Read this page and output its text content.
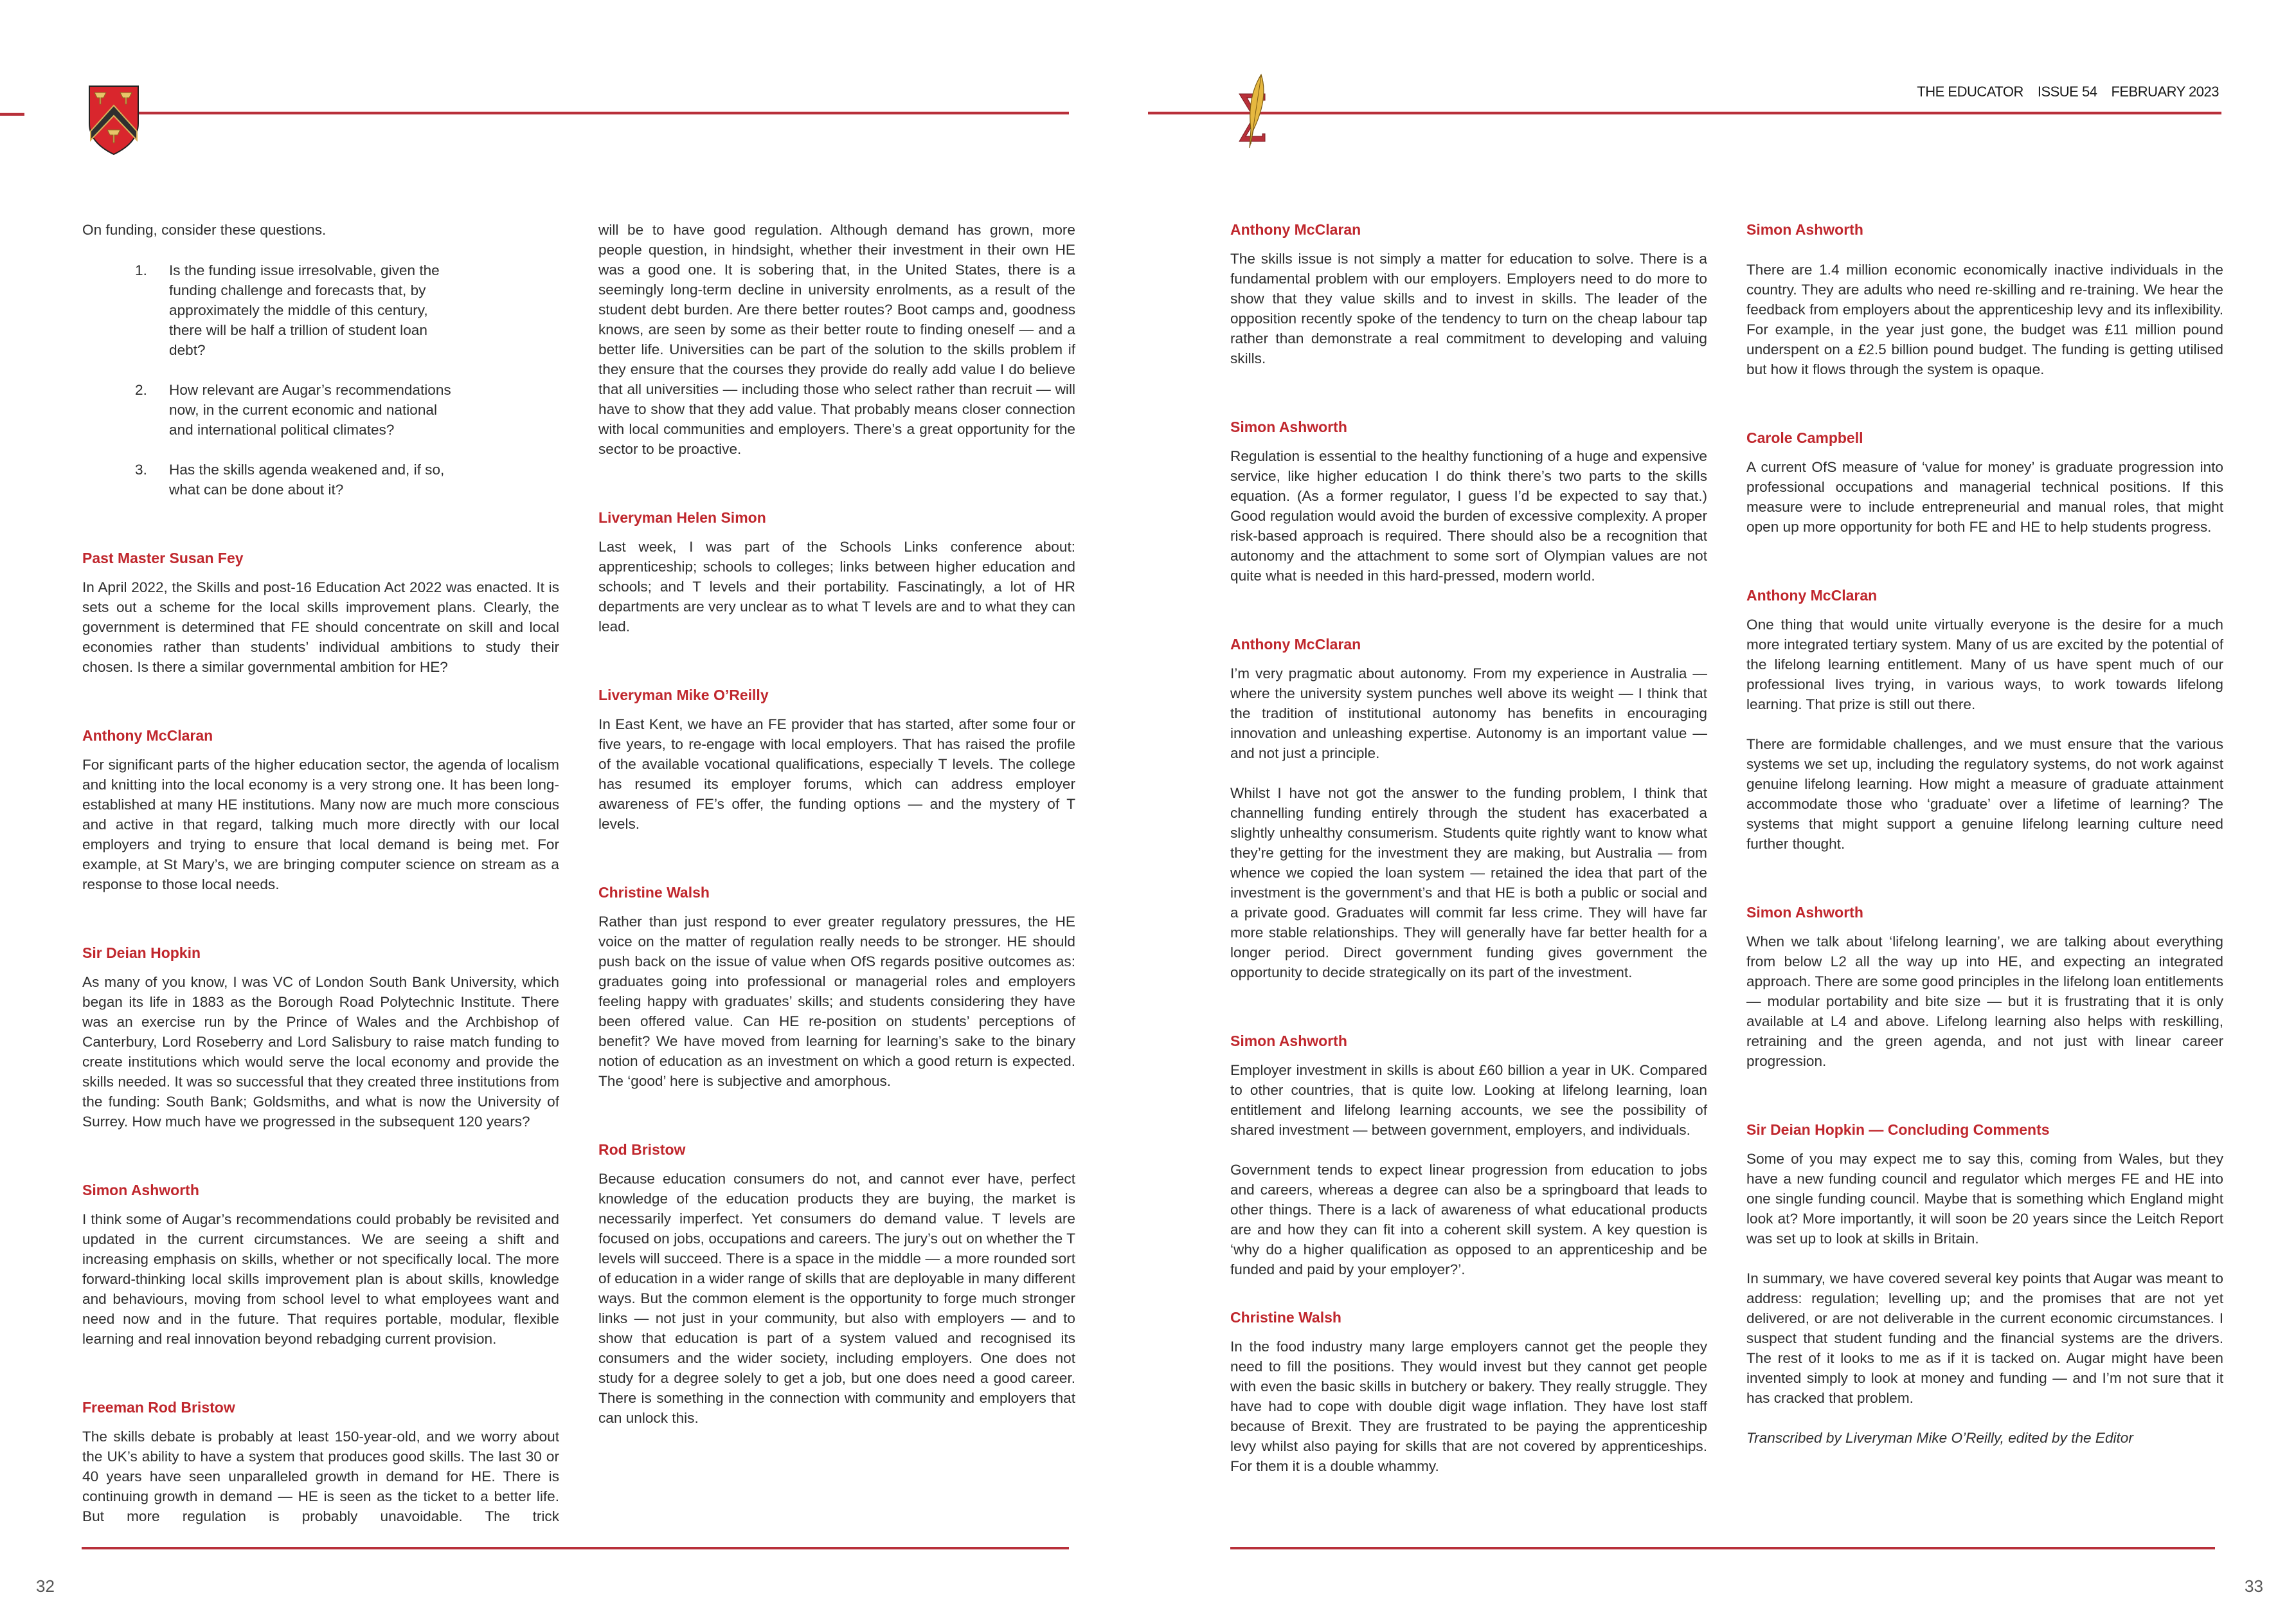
On funding, consider these questions.

1. Is the funding issue irresolvable, given the funding challenge and forecasts that, by approximately the middle of this century, there will be half a trillion of student loan debt?
2. How relevant are Augar’s recommendations now, in the current economic and national and international political climates?
3. Has the skills agenda weakened and, if so, what can be done about it?
Past Master Susan Fey

In April 2022, the Skills and post-16 Education Act 2022 was enacted. It is sets out a scheme for the local skills improvement plans. Clearly, the government is determined that FE should concentrate on skill and local economies rather than students’ individual ambitions to study their chosen. Is there a similar governmental ambition for HE?

Anthony McClaran

For significant parts of the higher education sector, the agenda of localism and knitting into the local economy is a very strong one. It has been long-established at many HE institutions. Many now are much more conscious and active in that regard, talking much more directly with our local employers and trying to ensure that local demand is being met. For example, at St Mary’s, we are bringing computer science on stream as a response to those local needs.

Sir Deian Hopkin

As many of you know, I was VC of London South Bank University, which began its life in 1883 as the Borough Road Polytechnic Institute. There was an exercise run by the Prince of Wales and the Archbishop of Canterbury, Lord Roseberry and Lord Salisbury to raise match funding to create institutions which would serve the local economy and provide the skills needed. It was so successful that they created three institutions from the funding: South Bank; Goldsmiths, and what is now the University of Surrey. How much have we progressed in the subsequent 120 years?

Simon Ashworth

I think some of Augar’s recommendations could probably be revisited and updated in the current circumstances. We are seeing a shift and increasing emphasis on skills, whether or not specifically local. The more forward-thinking local skills improvement plan is about skills, knowledge and behaviours, moving from school level to what employees want and need now and in the future. That requires portable, modular, flexible learning and real innovation beyond rebadging current provision.

Freeman Rod Bristow

The skills debate is probably at least 150-year-old, and we worry about the UK’s ability to have a system that produces good skills. The last 30 or 40 years have seen unparalleled growth in demand for HE. There is continuing growth in demand — HE is seen as the ticket to a better life. But more regulation is probably unavoidable. The trick

will be to have good regulation. Although demand has grown, more people question, in hindsight, whether their investment in their own HE was a good one. It is sobering that, in the United States, there is a seemingly long-term decline in university enrolments, as a result of the student debt burden. Are there better routes? Boot camps and, goodness knows, are seen by some as their better route to finding oneself — and a better life. Universities can be part of the solution to the skills problem if they ensure that the courses they provide do really add value I do believe that all universities — including those who select rather than recruit — will have to show that they add value. That probably means closer connection with local communities and employers. There’s a great opportunity for the sector to be proactive.

Liveryman Helen Simon

Last week, I was part of the Schools Links conference about: apprenticeship; schools to colleges; links between higher education and schools; and T levels and their portability. Fascinatingly, a lot of HR departments are very unclear as to what T levels are and to what they can lead.

Liveryman Mike O’Reilly

In East Kent, we have an FE provider that has started, after some four or five years, to re-engage with local employers. That has raised the profile of the available vocational qualifications, especially T levels. The college has resumed its employer forums, which can address employer awareness of FE’s offer, the funding options — and the mystery of T levels.

Christine Walsh

Rather than just respond to ever greater regulatory pressures, the HE voice on the matter of regulation really needs to be stronger. HE should push back on the issue of value when OfS regards positive outcomes as: graduates going into professional or managerial roles and employers feeling happy with graduates’ skills; and students considering they have been offered value. Can HE re-position on students’ perceptions of benefit? We have moved from learning for learning’s sake to the binary notion of education as an investment on which a good return is expected. The ‘good’ here is subjective and amorphous.

Rod Bristow

Because education consumers do not, and cannot ever have, perfect knowledge of the education products they are buying, the market is necessarily imperfect. Yet consumers do demand value. T levels are focused on jobs, occupations and careers. The jury’s out on whether the T levels will succeed. There is a space in the middle — a more rounded sort of education in a wider range of skills that are deployable in many different ways. But the common element is the opportunity to forge much stronger links — not just in your community, but also with employers — and to show that education is part of a system valued and recognised its consumers and the wider society, including employers. One does not study for a degree solely to get a job, but one does need a good career. There is something in the connection with community and employers that can unlock this.

32
THE EDUCATOR ISSUE 54 FEBRUARY 2023
Anthony McClaran

The skills issue is not simply a matter for education to solve. There is a fundamental problem with our employers. Employers need to do more to show that they value skills and to invest in skills. The leader of the opposition recently spoke of the tendency to turn on the cheap labour tap rather than demonstrate a real commitment to developing and valuing skills.

Simon Ashworth

Regulation is essential to the healthy functioning of a huge and expensive service, like higher education I do think there’s two parts to the skills equation. (As a former regulator, I guess I’d be expected to say that.) Good regulation would avoid the burden of excessive complexity. A proper risk-based approach is required. There should also be a recognition that autonomy and the attachment to some sort of Olympian values are not quite what is needed in this hard-pressed, modern world.

Anthony McClaran

I’m very pragmatic about autonomy. From my experience in Australia — where the university system punches well above its weight — I think that the tradition of institutional autonomy has benefits in encouraging innovation and unleashing expertise. Autonomy is an important value — and not just a principle.

Whilst I have not got the answer to the funding problem, I think that channelling funding entirely through the student has exacerbated a slightly unhealthy consumerism. Students quite rightly want to know what they’re getting for the investment they are making, but Australia — from whence we copied the loan system — retained the idea that part of the investment is the government’s and that HE is both a public or social and a private good. Graduates will commit far less crime. They will have far more stable relationships. They will generally have far better health for a longer period. Direct government funding gives government the opportunity to decide strategically on its part of the investment.

Simon Ashworth

Employer investment in skills is about £60 billion a year in UK. Compared to other countries, that is quite low. Looking at lifelong learning, loan entitlement and lifelong learning accounts, we see the possibility of shared investment — between government, employers, and individuals.

Government tends to expect linear progression from education to jobs and careers, whereas a degree can also be a springboard that leads to other things. There is a lack of awareness of what educational products are and how they can fit into a coherent skill system. A key question is ‘why do a higher qualification as opposed to an apprenticeship and be funded and paid by your employer?’.

Christine Walsh

In the food industry many large employers cannot get the people they need to fill the positions. They would invest but they cannot get people with even the basic skills in butchery or bakery. They really struggle. They have had to cope with double digit wage inflation. They have lost staff because of Brexit. They are frustrated to be paying the apprenticeship levy whilst also paying for skills that are not covered by apprenticeships. For them it is a double whammy.

Simon Ashworth

There are 1.4 million economic economically inactive individuals in the country. They are adults who need re-skilling and re-training. We hear the feedback from employers about the apprenticeship levy and its inflexibility. For example, in the year just gone, the budget was £11 million pound underspent on a £2.5 billion pound budget. The funding is getting utilised but how it flows through the system is opaque.

Carole Campbell

A current OfS measure of ‘value for money’ is graduate progression into professional occupations and managerial technical positions. If this measure were to include entrepreneurial and manual roles, that might open up more opportunity for both FE and HE to help students progress.

Anthony McClaran

One thing that would unite virtually everyone is the desire for a much more integrated tertiary system. Many of us are excited by the potential of the lifelong learning entitlement. Many of us have spent much of our professional lives trying, in various ways, to work towards lifelong learning. That prize is still out there.

There are formidable challenges, and we must ensure that the various systems we set up, including the regulatory systems, do not work against genuine lifelong learning. How might a measure of graduate attainment accommodate those who ‘graduate’ over a lifetime of learning? The systems that might support a genuine lifelong learning culture need further thought.

Simon Ashworth

When we talk about ‘lifelong learning’, we are talking about everything from below L2 all the way up into HE, and expecting an integrated approach. There are some good principles in the lifelong loan entitlements — modular portability and bite size — but it is frustrating that it is only available at L4 and above. Lifelong learning also helps with reskilling, retraining and the green agenda, and not just with linear career progression.

Sir Deian Hopkin — Concluding Comments

Some of you may expect me to say this, coming from Wales, but they have a new funding council and regulator which merges FE and HE into one single funding council. Maybe that is something which England might look at? More importantly, it will soon be 20 years since the Leitch Report was set up to look at skills in Britain.

In summary, we have covered several key points that Augar was meant to address: regulation; levelling up; and the promises that are not yet delivered, or are not deliverable in the current economic circumstances. I suspect that student funding and the financial systems are the drivers. The rest of it looks to me as if it is tacked on. Augar might have been invented simply to look at money and funding — and I’m not sure that it has cracked that problem.

Transcribed by Liveryman Mike O’Reilly, edited by the Editor

33
